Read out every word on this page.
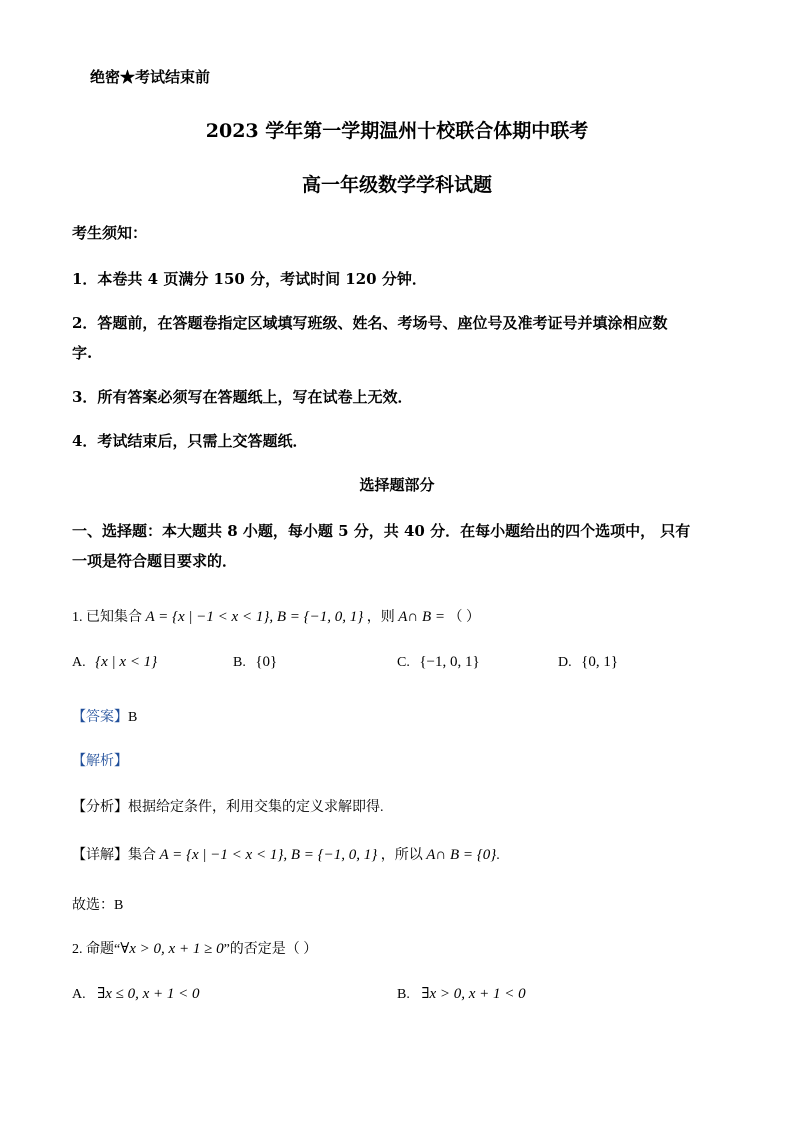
绝密★考试结束前
2023 学年第一学期温州十校联合体期中联考
高一年级数学学科试题
考生须知：
1．本卷共 4 页满分 150 分，考试时间 120 分钟．
2．答题前，在答题卷指定区域填写班级、姓名、考场号、座位号及准考证号并填涂相应数
字.
3．所有答案必须写在答题纸上，写在试卷上无效．
4．考试结束后，只需上交答题纸．
选择题部分
一、选择题：本大题共 8 小题，每小题 5 分，共 40 分．在每小题给出的四个选项中， 只有
一项是符合题目要求的．
1. 已知集合 A = {x | −1 < x < 1}, B = {−1, 0, 1} ，则 A∩ B = （ ）
A. {x | x < 1}	B. {0}	C. {−1, 0, 1}	D. {0, 1}
【答案】B
【解析】
【分析】根据给定条件，利用交集的定义求解即得.
【详解】集合 A = {x | −1 < x < 1}, B = {−1, 0, 1} ，所以 A∩ B = {0}.
故选：B
2. 命题“∀x > 0, x + 1 ≥ 0”的否定是（ ）
A. ∃x ≤ 0, x + 1 < 0	B. ∃x > 0, x + 1 < 0
